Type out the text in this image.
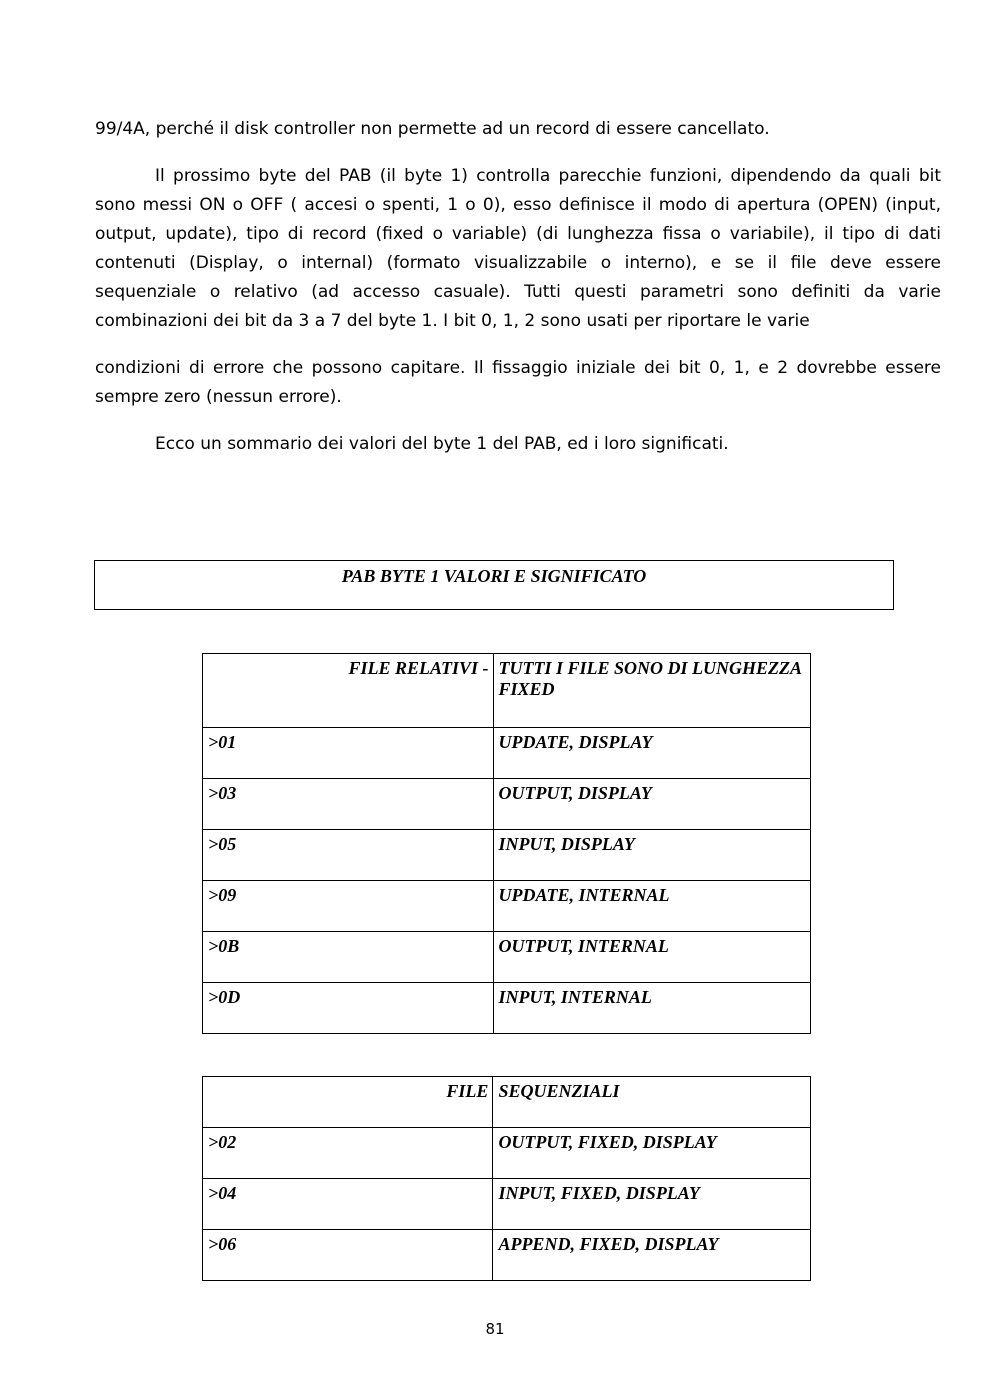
99/4A, perché il disk controller non permette ad un record di essere cancellato.

Il prossimo byte del PAB (il byte 1) controlla parecchie funzioni, dipendendo da quali bit sono messi ON o OFF ( accesi o spenti, 1 o 0), esso definisce il modo di apertura (OPEN) (input, output, update), tipo di record (fixed o variable) (di lunghezza fissa o variabile), il tipo di dati contenuti (Display, o internal) (formato visualizzabile o interno), e se il file deve essere sequenziale o relativo (ad accesso casuale). Tutti questi parametri sono definiti da varie combinazioni dei bit da 3 a 7 del byte 1. I bit 0, 1, 2 sono usati per riportare le varie

condizioni di errore che possono capitare. Il fissaggio iniziale dei bit 0, 1, e 2 dovrebbe essere sempre zero (nessun errore).

Ecco un sommario dei valori del byte 1 del PAB, ed i loro significati.

PAB BYTE 1 VALORI E SIGNIFICATO
FILE RELATIVI -	TUTTI I FILE SONO DI LUNGHEZZA FIXED
>01	UPDATE, DISPLAY
>03	OUTPUT, DISPLAY
>05	INPUT, DISPLAY
>09	UPDATE, INTERNAL
>0B	OUTPUT, INTERNAL
>0D	INPUT, INTERNAL
FILE	SEQUENZIALI
>02	OUTPUT, FIXED, DISPLAY
>04	INPUT, FIXED, DISPLAY
>06	APPEND, FIXED, DISPLAY
81
